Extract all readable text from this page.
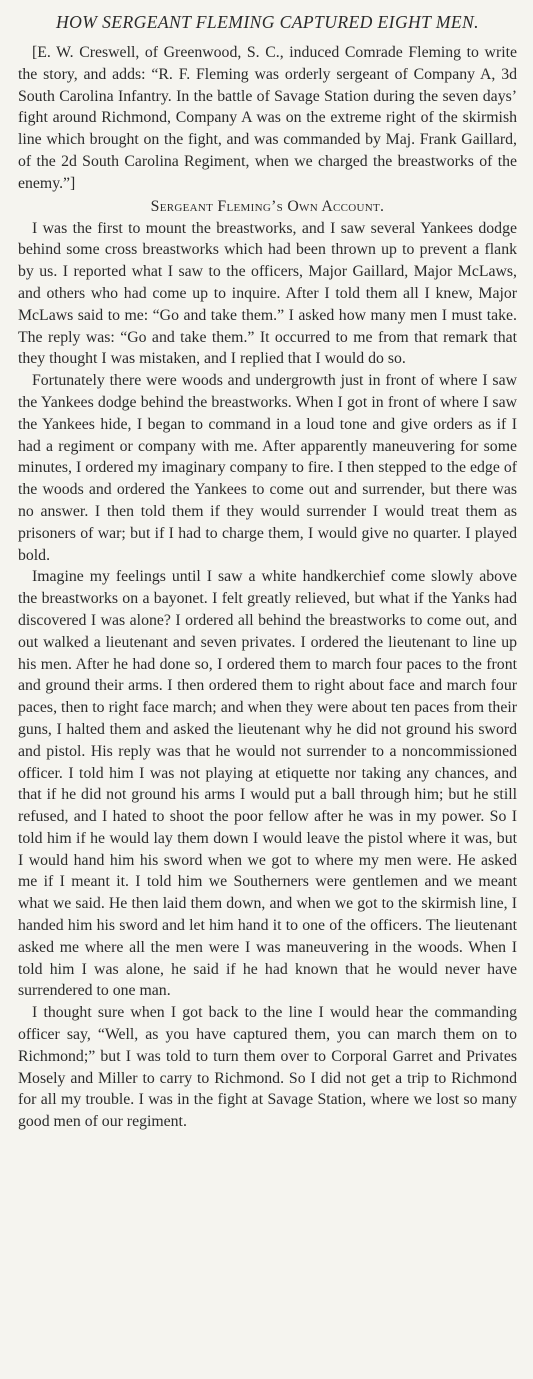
HOW SERGEANT FLEMING CAPTURED EIGHT MEN.

[E. W. Creswell, of Greenwood, S. C., induced Comrade Fleming to write the story, and adds: “R. F. Fleming was orderly sergeant of Company A, 3d South Carolina Infantry. In the battle of Savage Station during the seven days’ fight around Richmond, Company A was on the extreme right of the skirmish line which brought on the fight, and was commanded by Maj. Frank Gaillard, of the 2d South Carolina Regiment, when we charged the breastworks of the enemy.”]

Sergeant Fleming’s Own Account.

I was the first to mount the breastworks, and I saw several Yankees dodge behind some cross breastworks which had been thrown up to prevent a flank by us. I reported what I saw to the officers, Major Gaillard, Major McLaws, and others who had come up to inquire. After I told them all I knew, Major McLaws said to me: “Go and take them.” I asked how many men I must take. The reply was: “Go and take them.” It occurred to me from that remark that they thought I was mistaken, and I replied that I would do so.

Fortunately there were woods and undergrowth just in front of where I saw the Yankees dodge behind the breastworks. When I got in front of where I saw the Yankees hide, I began to command in a loud tone and give orders as if I had a regiment or company with me. After apparently maneuvering for some minutes, I ordered my imaginary company to fire. I then stepped to the edge of the woods and ordered the Yankees to come out and surrender, but there was no answer. I then told them if they would surrender I would treat them as prisoners of war; but if I had to charge them, I would give no quarter. I played bold.

Imagine my feelings until I saw a white handkerchief come slowly above the breastworks on a bayonet. I felt greatly relieved, but what if the Yanks had discovered I was alone? I ordered all behind the breastworks to come out, and out walked a lieutenant and seven privates. I ordered the lieutenant to line up his men. After he had done so, I ordered them to march four paces to the front and ground their arms. I then ordered them to right about face and march four paces, then to right face march; and when they were about ten paces from their guns, I halted them and asked the lieutenant why he did not ground his sword and pistol. His reply was that he would not surrender to a noncommissioned officer. I told him I was not playing at etiquette nor taking any chances, and that if he did not ground his arms I would put a ball through him; but he still refused, and I hated to shoot the poor fellow after he was in my power. So I told him if he would lay them down I would leave the pistol where it was, but I would hand him his sword when we got to where my men were. He asked me if I meant it. I told him we Southerners were gentlemen and we meant what we said. He then laid them down, and when we got to the skirmish line, I handed him his sword and let him hand it to one of the officers. The lieutenant asked me where all the men were I was maneuvering in the woods. When I told him I was alone, he said if he had known that he would never have surrendered to one man.

I thought sure when I got back to the line I would hear the commanding officer say, “Well, as you have captured them, you can march them on to Richmond;” but I was told to turn them over to Corporal Garret and Privates Mosely and Miller to carry to Richmond. So I did not get a trip to Richmond for all my trouble. I was in the fight at Savage Station, where we lost so many good men of our regiment.
